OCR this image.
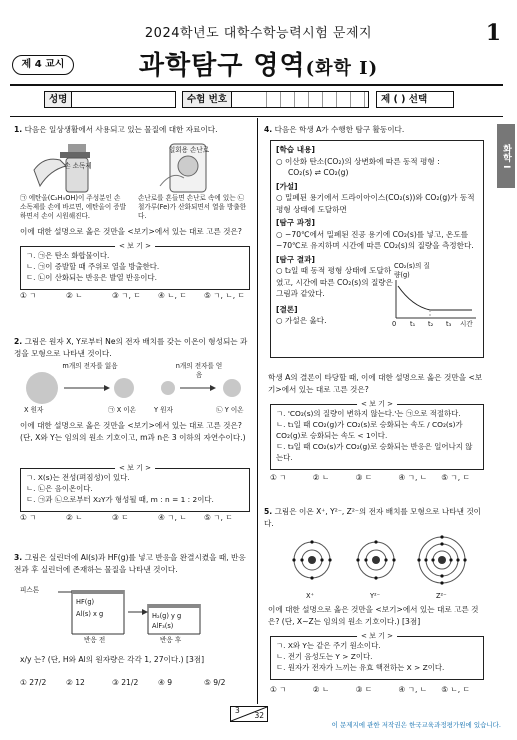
2024학년도 대학수학능력시험 문제지	1
제 4 교시	과학탐구 영역(화학 I)
성명	수험 번호	제 ( ) 선택
화학 I

1. 다음은 일상생활에서 사용되고 있는 물질에 대한 자료이다.

손 소독제
일회용 손난로
㉠ 에탄올(C₂H₅OH)이 주성분인 손 소독제를 손에 바르면, 에탄올이 증발하면서 손이 시원해진다.
손난로를 흔들면 손난로 속에 있는 ㉡ 철가루(Fe)가 산화되면서 열을 방출한다.
이에 대한 설명으로 옳은 것만을 <보기>에서 있는 대로 고른 것은?
< 보 기 >
ㄱ. ㉠은 탄소 화합물이다.
ㄴ. ㉠이 증발할 때 주위로 열을 방출한다.
ㄷ. ㉡이 산화되는 반응은 발열 반응이다.
① ㄱ	② ㄴ	③ ㄱ, ㄷ	④ ㄴ, ㄷ	⑤ ㄱ, ㄴ, ㄷ

2. 그림은 원자 X, Y로부터 Ne의 전자 배치를 갖는 이온이 형성되는 과정을 모형으로 나타낸 것이다.

m개의 전자를 잃음	n개의 전자를 얻음
X 원자	㉠ X 이온	Y 원자	㉡ Y 이온
이에 대한 설명으로 옳은 것만을 <보기>에서 있는 대로 고른 것은? (단, X와 Y는 임의의 원소 기호이고, m과 n은 3 이하의 자연수이다.)
< 보 기 >
ㄱ. X(s)는 전성(펴짐성)이 있다.
ㄴ. ㉡은 음이온이다.
ㄷ. ㉠과 ㉡으로부터 X₂Y가 형성될 때, m : n = 1 : 2이다.
① ㄱ	② ㄴ	③ ㄷ	④ ㄱ, ㄴ	⑤ ㄱ, ㄷ

3. 그림은 실린더에 Al(s)과 HF(g)를 넣고 반응을 완결시켰을 때, 반응 전과 후 실린더에 존재하는 물질을 나타낸 것이다.

피스톤
HF(g)
Al(s) x g	H₂(g) y g
AlF₃(s)
반응 전	반응 후
x/y 는? (단, H와 Al의 원자량은 각각 1, 27이다.) [3점]
① 27/2	② 12	③ 21/2	④ 9	⑤ 9/2

4. 다음은 학생 A가 수행한 탐구 활동이다.

[학습 내용]
○ 이산화 탄소(CO₂)의 상변화에 따른 동적 평형 :
CO₂(s) ⇌ CO₂(g)
[가설]
○ 밀폐된 용기에서 드라이아이스(CO₂(s))와 CO₂(g)가 동적 평형 상태에 도달하면
[탐구 과정]
○ −70℃에서 밀폐된 진공 용기에 CO₂(s)를 넣고, 온도를 −70℃로 유지하며 시간에 따른 CO₂(s)의 질량을 측정한다.
[탐구 결과]
○ t₂일 때 동적 평형 상태에 도달하였고, 시간에 따른 CO₂(s)의 질량은 그림과 같았다.
[결론]
○ 가설은 옳다.
CO₂(s)의 질량(g)
0 t₁ t₂ t₃ 시간
학생 A의 결론이 타당할 때, 이에 대한 설명으로 옳은 것만을 <보기>에서 있는 대로 고른 것은?
< 보 기 >
ㄱ. 'CO₂(s)의 질량이 변하지 않는다.'는 ㉠으로 적절하다.
ㄴ. t₁일 때 CO₂(g)가 CO₂(s)로 승화되는 속도 / CO₂(s)가 CO₂(g)로 승화되는 속도 < 1이다.
ㄷ. t₃일 때 CO₂(s)가 CO₂(g)로 승화되는 반응은 일어나지 않는다.
① ㄱ	② ㄴ	③ ㄷ	④ ㄱ, ㄴ	⑤ ㄱ, ㄷ

5. 그림은 이온 X⁺, Y²⁻, Z²⁻의 전자 배치를 모형으로 나타낸 것이다.

X⁺	Y²⁻	Z²⁻
이에 대한 설명으로 옳은 것만을 <보기>에서 있는 대로 고른 것은? (단, X~Z는 임의의 원소 기호이다.) [3점]
< 보 기 >
ㄱ. X와 Y는 같은 주기 원소이다.
ㄴ. 전기 음성도는 Y > Z이다.
ㄷ. 원자가 전자가 느끼는 유효 핵전하는 X > Z이다.
① ㄱ	② ㄴ	③ ㄷ	④ ㄱ, ㄴ	⑤ ㄴ, ㄷ
3
32
이 문제지에 관한 저작권은 한국교육과정평가원에 있습니다.
